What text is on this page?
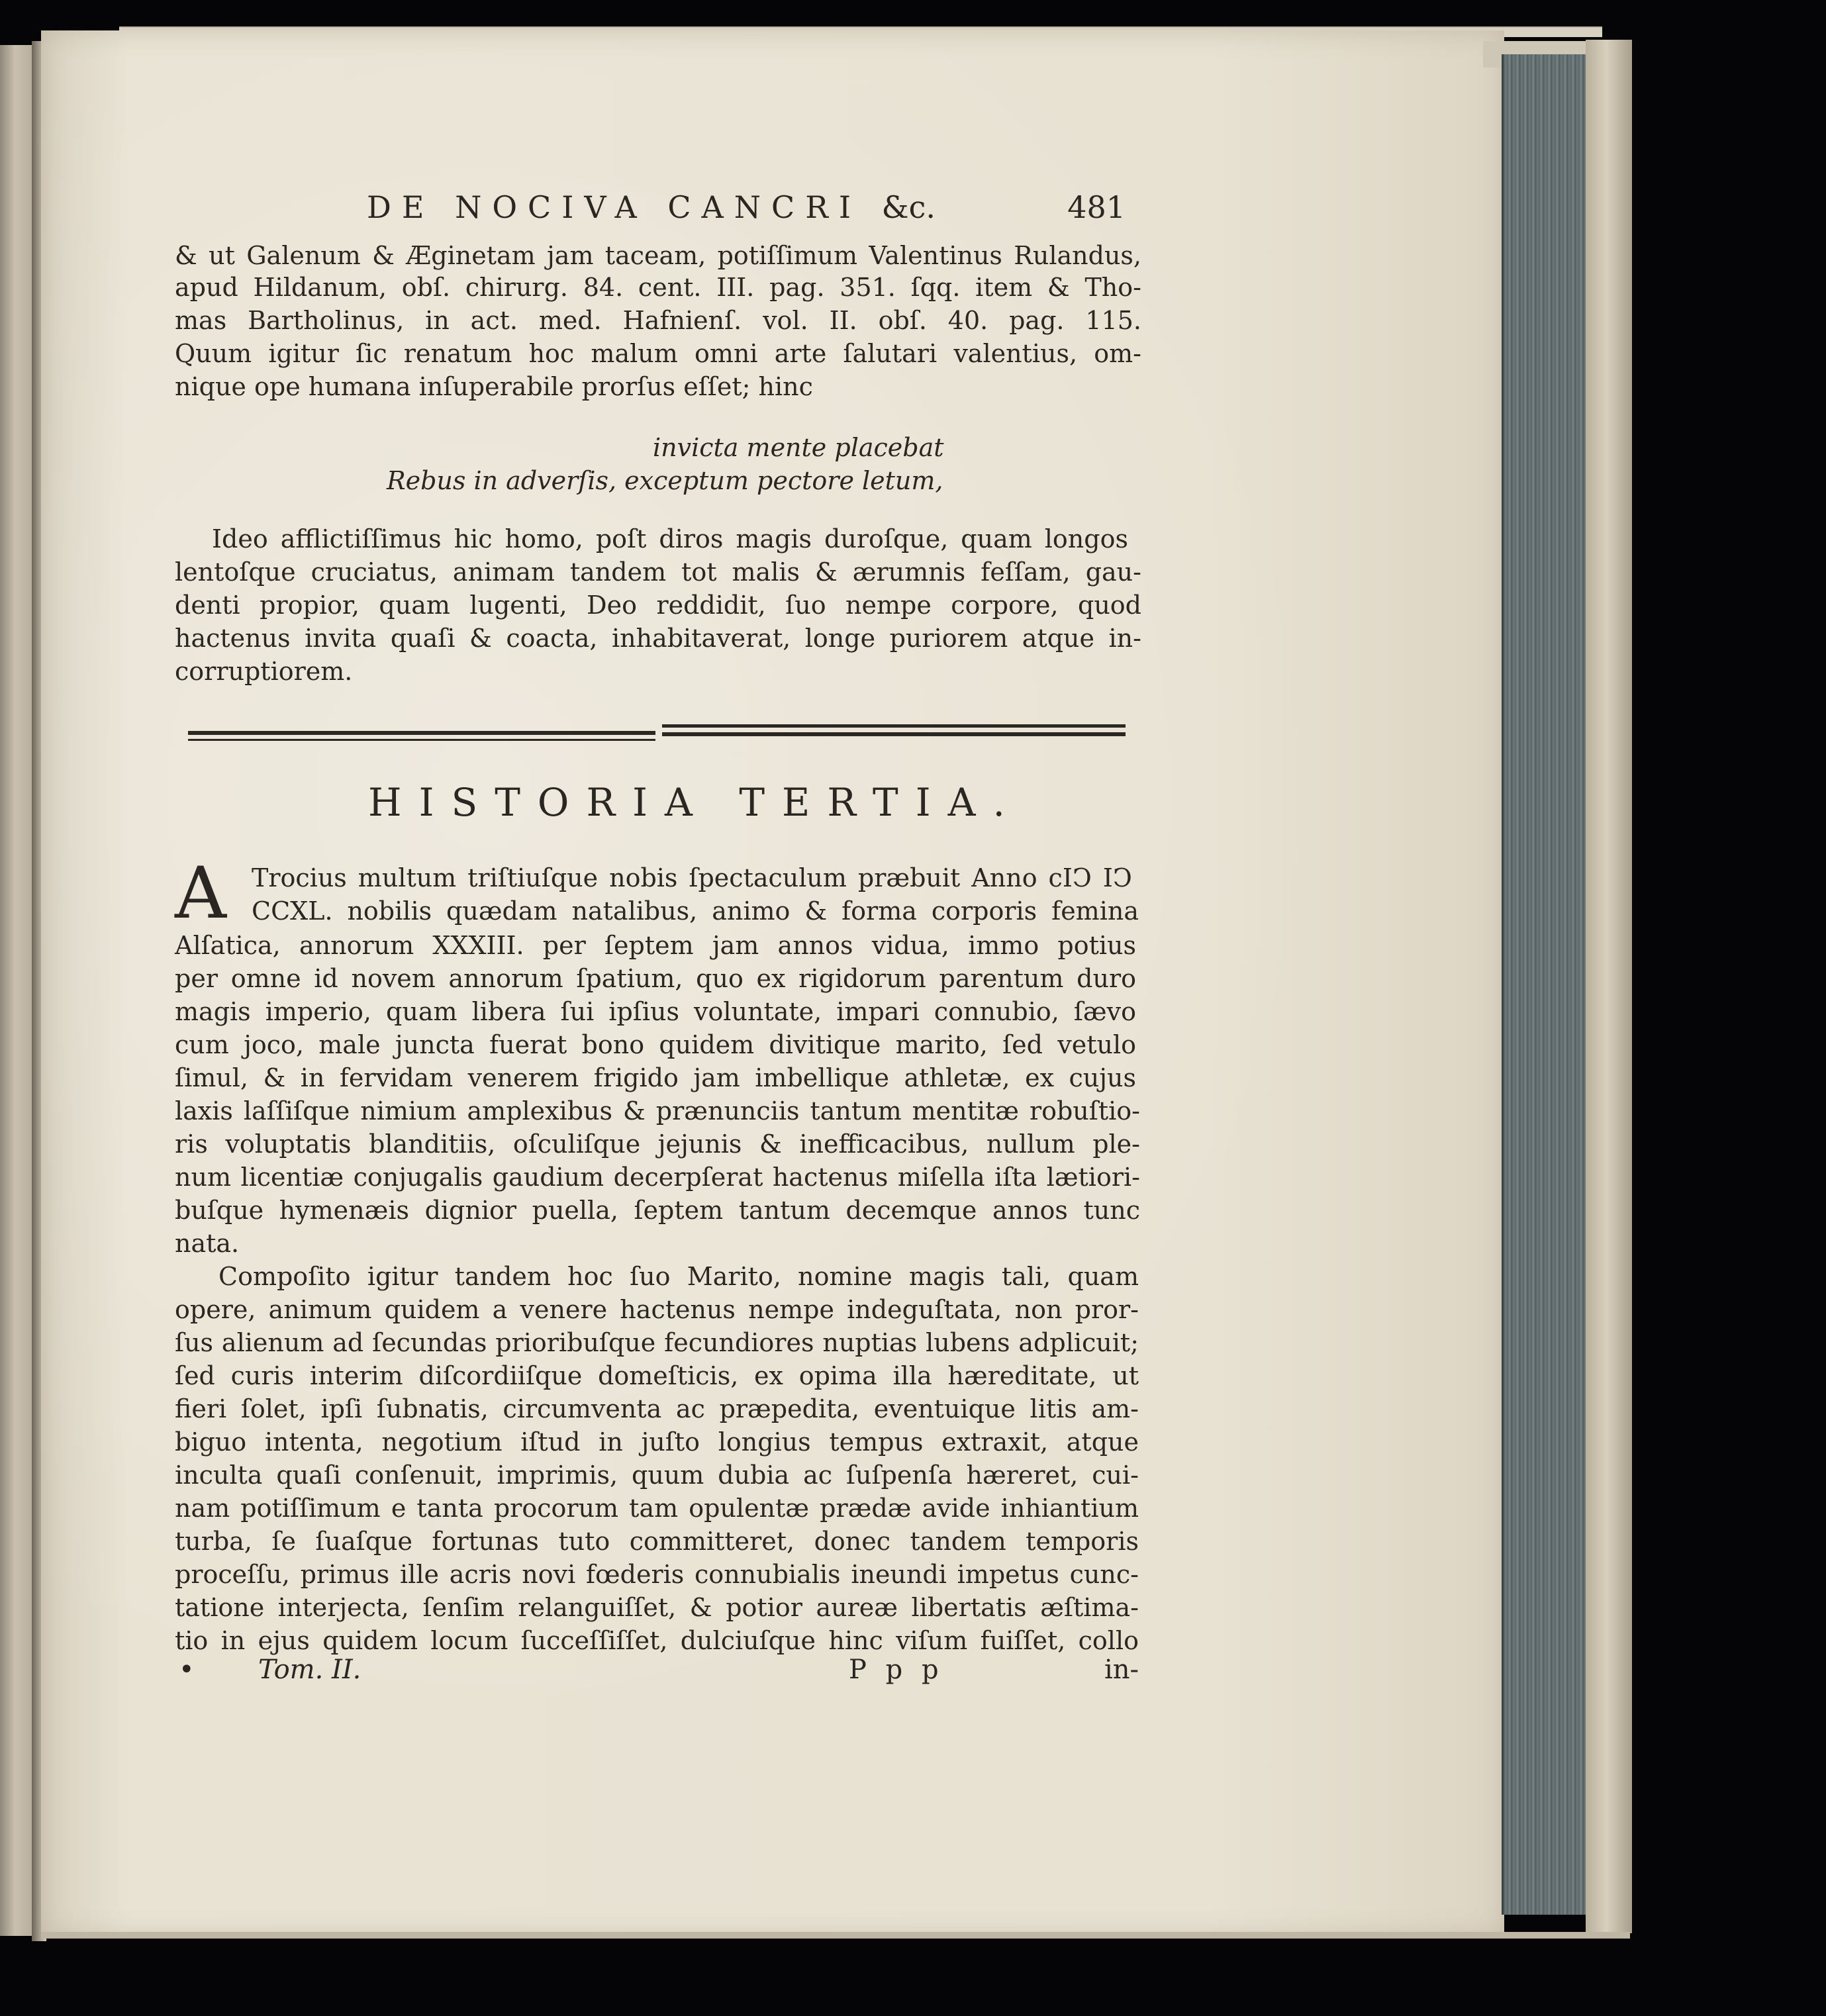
DE NOCIVA CANCRI &c.	481
& ut Galenum & Æginetam jam taceam, potiſſimum Valentinus Rulandus,
apud Hildanum, obſ. chirurg. 84. cent. III. pag. 351. ſqq. item & Tho-
mas Bartholinus, in act. med. Hafnienſ. vol. II. obſ. 40. pag. 115.
Quum igitur ſic renatum hoc malum omni arte ſalutari valentius, om-
nique ope humana inſuperabile prorſus eſſet; hinc
invicta mente placebat
Rebus in adverſis, exceptum pectore letum,
Ideo afflictiſſimus hic homo, poſt diros magis duroſque, quam longos
lentoſque cruciatus, animam tandem tot malis & ærumnis feſſam, gau-
denti propior, quam lugenti, Deo reddidit, ſuo nempe corpore, quod
hactenus invita quaſi & coacta, inhabitaverat, longe puriorem atque in-
corruptiorem.
HISTORIA TERTIA.
A Trocius multum triſtiuſque nobis ſpectaculum præbuit Anno cIↃ IↃ
CCXL. nobilis quædam natalibus, animo & forma corporis femina
Alſatica, annorum XXXIII. per ſeptem jam annos vidua, immo potius
per omne id novem annorum ſpatium, quo ex rigidorum parentum duro
magis imperio, quam libera ſui ipſius voluntate, impari connubio, ſævo
cum joco, male juncta fuerat bono quidem divitique marito, ſed vetulo
ſimul, & in fervidam venerem frigido jam imbellique athletæ, ex cujus
laxis laſſiſque nimium amplexibus & prænunciis tantum mentitæ robuſtio-
ris voluptatis blanditiis, oſculiſque jejunis & inefficacibus, nullum ple-
num licentiæ conjugalis gaudium decerpſerat hactenus miſella iſta lætiori-
buſque hymenæis dignior puella, ſeptem tantum decemque annos tunc
nata.
Compoſito igitur tandem hoc ſuo Marito, nomine magis tali, quam
opere, animum quidem a venere hactenus nempe indeguſtata, non pror-
ſus alienum ad ſecundas prioribuſque fecundiores nuptias lubens adplicuit;
ſed curis interim diſcordiiſque domeſticis, ex opima illa hæreditate, ut
fieri ſolet, ipſi ſubnatis, circumventa ac præpedita, eventuique litis am-
biguo intenta, negotium iſtud in juſto longius tempus extraxit, atque
inculta quaſi conſenuit, imprimis, quum dubia ac ſuſpenſa hæreret, cui-
nam potiſſimum e tanta procorum tam opulentæ prædæ avide inhiantium
turba, ſe ſuaſque fortunas tuto committeret, donec tandem temporis
proceſſu, primus ille acris novi fœderis connubialis ineundi impetus cunc-
tatione interjecta, ſenſim relanguiſſet, & potior aureæ libertatis æſtima-
tio in ejus quidem locum ſucceſſiſſet, dulciuſque hinc viſum fuiſſet, collo
• Tom. II.	P p p	in-
